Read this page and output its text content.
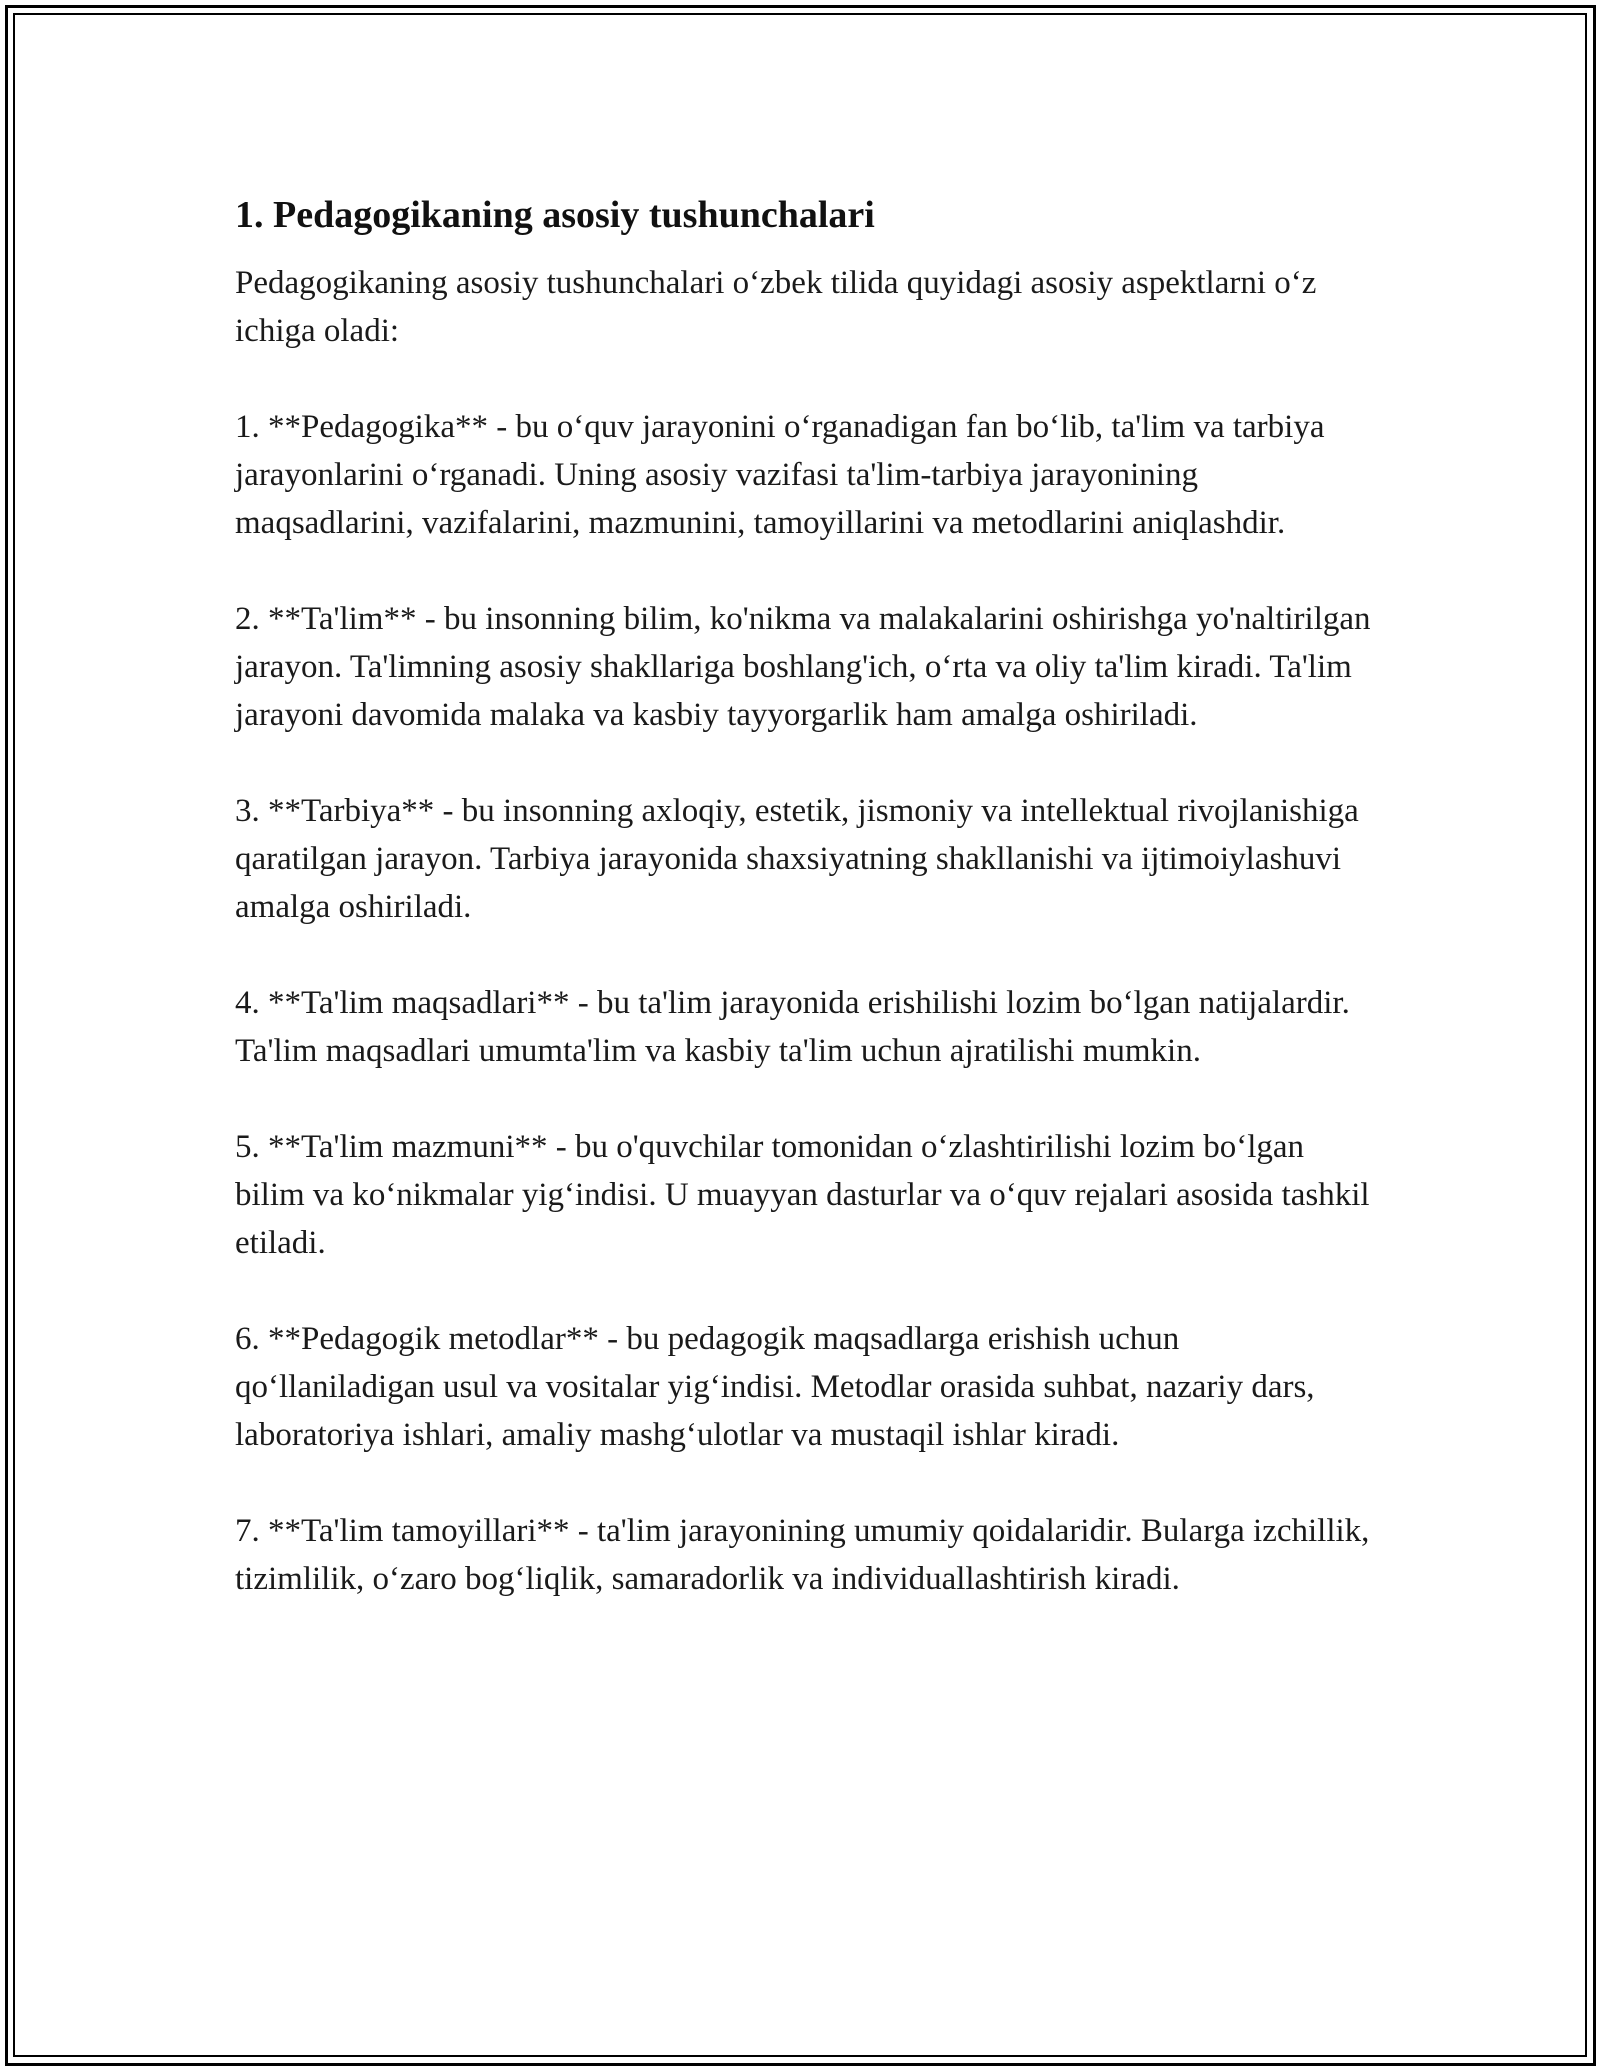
1. Pedagogikaning asosiy tushunchalari

Pedagogikaning asosiy tushunchalari o‘zbek tilida quyidagi asosiy aspektlarni o‘z ichiga oladi:

1. **Pedagogika** - bu o‘quv jarayonini o‘rganadigan fan bo‘lib, ta'lim va tarbiya jarayonlarini o‘rganadi. Uning asosiy vazifasi ta'lim-tarbiya jarayonining maqsadlarini, vazifalarini, mazmunini, tamoyillarini va metodlarini aniqlashdir.

2. **Ta'lim** - bu insonning bilim, ko'nikma va malakalarini oshirishga yo'naltirilgan jarayon. Ta'limning asosiy shakllariga boshlang'ich, o‘rta va oliy ta'lim kiradi. Ta'lim jarayoni davomida malaka va kasbiy tayyorgarlik ham amalga oshiriladi.

3. **Tarbiya** - bu insonning axloqiy, estetik, jismoniy va intellektual rivojlanishiga qaratilgan jarayon. Tarbiya jarayonida shaxsiyatning shakllanishi va ijtimoiylashuvi amalga oshiriladi.

4. **Ta'lim maqsadlari** - bu ta'lim jarayonida erishilishi lozim bo‘lgan natijalardir. Ta'lim maqsadlari umumta'lim va kasbiy ta'lim uchun ajratilishi mumkin.

5. **Ta'lim mazmuni** - bu o'quvchilar tomonidan o‘zlashtirilishi lozim bo‘lgan bilim va ko‘nikmalar yig‘indisi. U muayyan dasturlar va o‘quv rejalari asosida tashkil etiladi.

6. **Pedagogik metodlar** - bu pedagogik maqsadlarga erishish uchun qo‘llaniladigan usul va vositalar yig‘indisi. Metodlar orasida suhbat, nazariy dars, laboratoriya ishlari, amaliy mashg‘ulotlar va mustaqil ishlar kiradi.

7. **Ta'lim tamoyillari** - ta'lim jarayonining umumiy qoidalaridir. Bularga izchillik, tizimlilik, o‘zaro bog‘liqlik, samaradorlik va individuallashtirish kiradi.
